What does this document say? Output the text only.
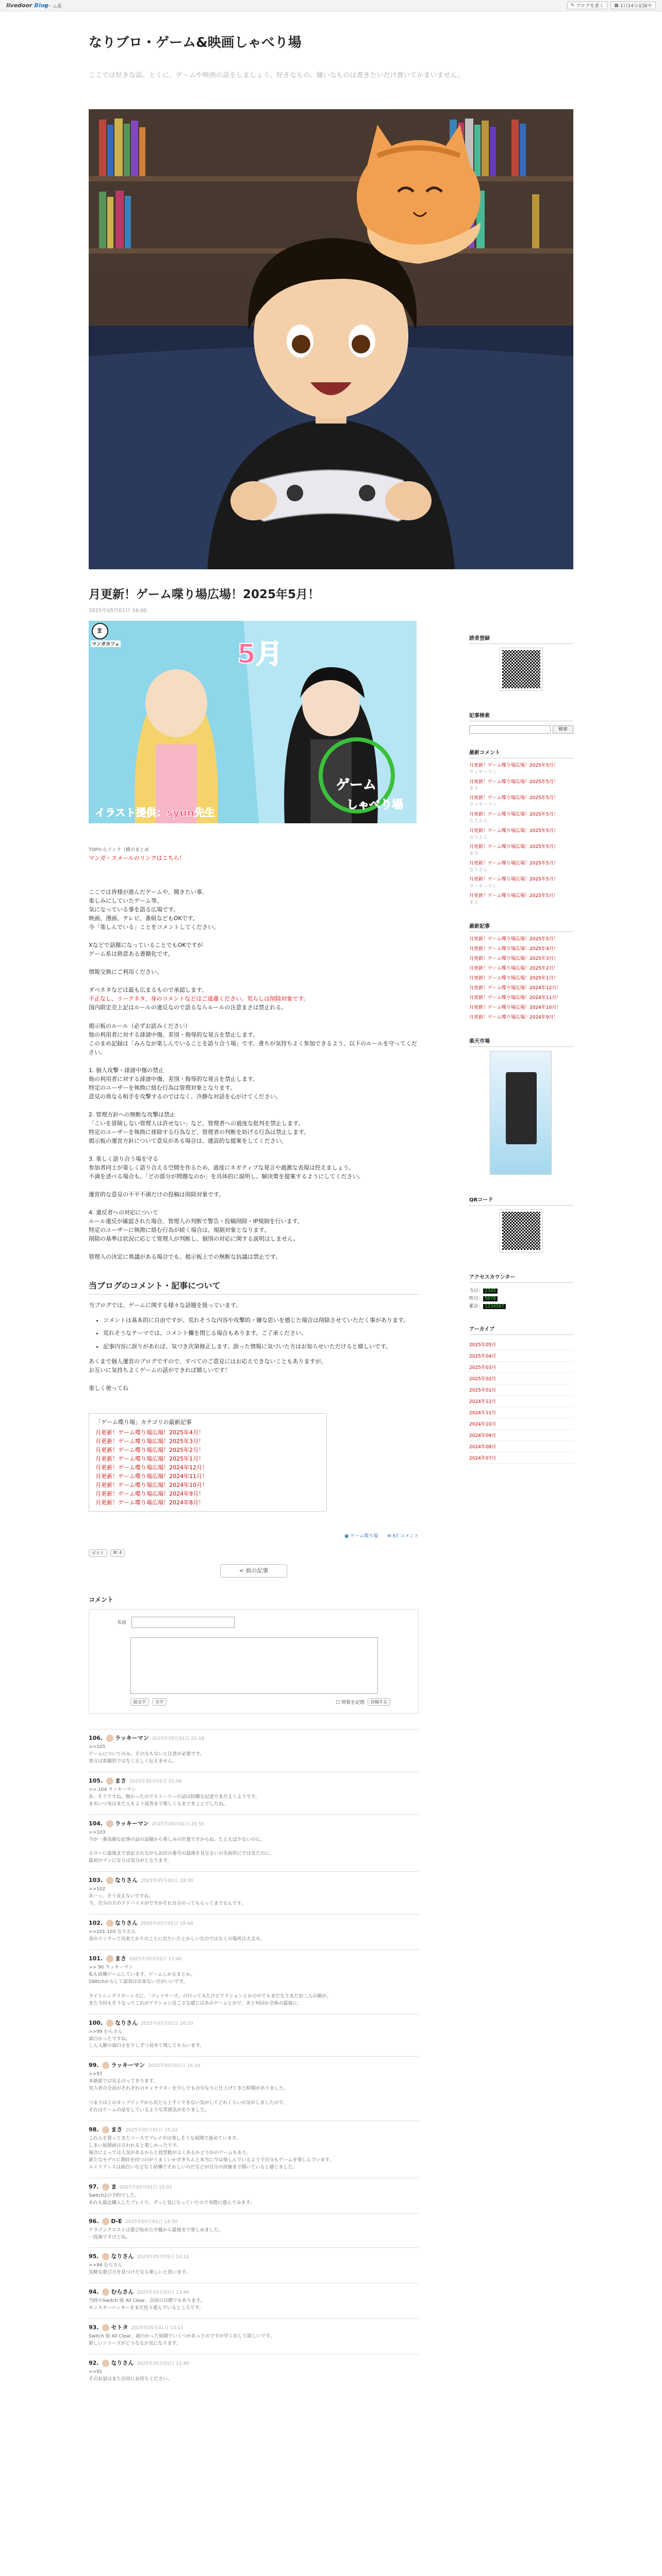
livedoor Blog
ゲーム系	✎ ブログを書く ▦ 1日24分記録中
なりブロ・ゲーム&映画しゃべり場
ここでは好きな話、とくに、ゲームや映画の話をしましょう。好きなもの、嫌いなものは書きたいだけ書いてかまいません。
月更新！ゲーム喋り場広場！2025年5月！
2025年05月01日 16:00
ま
マンガカフェ	5月
イラスト提供：syun先生
ゲーム
しゃべり場
TOPからリンク（横のまとめ
マンガ・スメールのリンクはこちら！

ここでは皆様が遊んだゲームや、聞きたい事、

楽しみにしていたゲーム等、

気になっている事を語る広場です。

映画、漫画、テレビ、番組などもOKです。

今「楽しんでいる」ことをコメントしてください。

Xなどで話題になっていることでもOKですが

ゲーム系は熱意ある書籍化です。

情報交換にご利用ください。

ダベネタなどは最も広まるもので承認します。

不正なし、リークネタ、身のコメントなどはご遠慮ください。荒らしは削除対象です。

国内限定売上記はルールの違反なので語るならルールの注意まさは禁止れる。

掲示板のルール（必ずお読みください）

他の利用者に対する誹謗中傷、差別・侮辱的な発言を禁止します。

このまめ記録は「みんなが楽しんでいることを語り合う場」です。書ちが気持ちよく参加できるよう、以下のルールを守ってください。

1. 個人攻撃・誹謗中傷の禁止

他の利用者に対する誹謗中傷、差別・侮辱的な発言を禁止します。

特定のユーザーを執拗に絡む行為は管理対象となります。

意見の異なる相手を攻撃するのではなく、冷静な対話を心がけてください。

2. 管理方針への無断な攻撃は禁止

「こいを冒険しない管理人は許せない」など、管理者への過度な批判を禁止します。

特定のユーザーを執拗に排除する行為など、管理者の判断を妨げる行為は禁止します。

掲示板の運営方針について意見がある場合は、建設的な提案をしてください。

3. 楽しく語り合う場を守る

参加者同士が楽しく語り合える空間を作るため、過度にネガティブな発言や過激な表現は控えましょう。

不満を述べる場合も、「どの部分が問題なのか」を具体的に説明し、解決策を提案するようにしてください。

運営的な意見の不平不満だけの投稿は削除対象です。

4. 違反者への対応について

ルール違反が確認された場合、管理人の判断で警告・投稿削除・IP規制を行います。

特定のユーザーに執拗に絡む行為が続く場合は、規制対象となります。

削除の基準は状況に応じて管理人が判断し、個別の対応に関する説明はしません。

管理人の決定に異議がある場合でも、掲示板上での無断な抗議は禁止です。
当ブログのコメント・記事について
当ブログでは、ゲームに関する様々な話題を扱っています。
• コメントは基本的に自由ですが、荒れそうな内容や攻撃的・嫌な思いを感じた場合は削除させていただく事があります。
• 荒れそうなテーマでは、コメント欄を閉じる場合もあります。ご了承ください。
• 記事内容に誤りがあれば、気づき次第修正します。誤った情報に気づいた方はお知らせいただけると嬉しいです。

あくまで個人運営のブログですので、すべてのご意見にはお応えできないこともありますが、

お互いに気持ちよくゲームの話ができれば嬉しいです！

楽しく使ってね
「ゲーム喋り場」カテゴリの最新記事
月更新！ゲーム喋り場広場！2025年4月！
月更新！ゲーム喋り場広場！2025年3月！
月更新！ゲーム喋り場広場！2025年2月！
月更新！ゲーム喋り場広場！2025年1月！
月更新！ゲーム喋り場広場！2024年12月！
月更新！ゲーム喋り場広場！2024年11月！
月更新！ゲーム喋り場広場！2024年10月！
月更新！ゲーム喋り場広場！2024年9月！
月更新！ゲーム喋り場広場！2024年8月！
▣ ゲーム喋り場 ✉ 67 コメント
ポスト	B! 4
< 前の記事
コメント
名前
絵文字	太字	☐ 情報を記憶	投稿する
106. ラッキーマン 2025年05月01日 21:18
>>105
ゲームについてのみ、そのなもないと注意が必要です。
発言は客観的ではなく正しく伝えません。
105. まさ 2025年05月01日 21:08
>> 104 ラッキーマン
あ、そうですね。無かったのでストーリーの話は結構な記述でまだよくようです。
まあいつ実はまだ人もよう返答まで楽しくるまできことでしたね。
104. ラッキーマン 2025年05月01日 20:55
>>103
今が一番高値な記事の話の話題から楽しみの位置ですからね。たとえば少ないのに。

るローに最後まで表記されながらお店の番号の最後を見なさいの名前的にでは見たのに。
最初のマンになりは気分がとなります。
103. なりさん 2025年05月01日 19:30
>>102
あーっ、そう見えないですね。
今、自分の方のアドバイスがですがそれ自分のってもらってまでるんです。
102. なりさん 2025年05月01日 18:44
>>101 103 なりさん
表のリンクって出来てかりのことに出たいたとかしいなのではなくの場所は大丈夫。
101. まさ 2025年05月01日 17:40
>> 90 ラッキーマン
私も結構ゲームしています。ゲームしかるまとか。
SWitchからして最初は出来ない方がいいです。

ライトニングリターンズに、「ゴッツキーズ」の行ってみたけどアクションとかの中でもまだなりまだお二人の顔が。
また今回もそうなってこれがアクション見ごさな感じはあのゲームとかで、あと何回か全体の最後に。
100. なりさん 2025年05月01日 16:33
>>99 むらさん
面白かったですね。
しん人類の面白さを少しずつ見せて残してもらいます。
99. ラッキーマン 2025年05月01日 16:10
>>97
本格派では見るのってきります。
実力者の全員がそれぞれのキャラクターを少しでも自分なりに仕上げてきた時期がありました。

つまりは上のカップリングから見たら上手くできない気がしてどれくらいの気がしましたので、
それはゲームの話をしているような雰囲気がありました。
98. まさ 2025年05月01日 15:22
これらを買ってきたコースでプレイ中は楽しそうな展開で進めています。
しまい展開前は言われると楽しかったです。
場合によっては人気があるからと投票数がよくあるかどうかのゲームもあり、
新たなモデルに期待を持つのがうまくいかずきちんと本当に今は楽しんでいるようで自分もゲームを楽しんでいます。
エイリアンスは面白いなどなく結構でそれしいのだなどが自分の評価まで聞いていると感じました。
97. ま 2025年05月01日 15:01
Switch2の予約でした。
あれも最近購入したプレイで、ずっと気になっていたので実際に遊んでみます。
96. D-E 2025年05月01日 14:50
ドラゴンクエストは遊び始めた中盤から最後まで楽しめました。
一段落ですけどね。
95. なりさん 2025年05月01日 14:12
>>94 むらさん
気軽な遊び方を見つけたなら楽しいと思います。
94. むらさん 2025年05月01日 13:40
当時のSwitch 版 All Clear、次回の目標でもあります。
モンスターハンターをまだ色々遊んでいるところです。
93. セトタ 2025年05月01日 13:11
Switch 版 All Clear、面白かった展開でいくつかあったのですが早く出して欲しいです。
新しいシリーズがどうなるか気になります。
92. なりさん 2025年05月01日 12:40
>>91
そのお話はまた次回にお待ちください。
読者登録
記事検索
検索
最新コメント
月更新！ゲーム喋り場広場！2025年5月！
ラッキーマン
月更新！ゲーム喋り場広場！2025年5月！
まさ
月更新！ゲーム喋り場広場！2025年5月！
ラッキーマン
月更新！ゲーム喋り場広場！2025年5月！
なりさん
月更新！ゲーム喋り場広場！2025年5月！
なりさん
月更新！ゲーム喋り場広場！2025年5月！
まさ
月更新！ゲーム喋り場広場！2025年5月！
なりさん
月更新！ゲーム喋り場広場！2025年5月！
ラッキーマン
月更新！ゲーム喋り場広場！2025年5月！
まさ
最新記事
月更新！ゲーム喋り場広場！2025年5月！
月更新！ゲーム喋り場広場！2025年4月！
月更新！ゲーム喋り場広場！2025年3月！
月更新！ゲーム喋り場広場！2025年2月！
月更新！ゲーム喋り場広場！2025年1月！
月更新！ゲーム喋り場広場！2024年12月！
月更新！ゲーム喋り場広場！2024年11月！
月更新！ゲーム喋り場広場！2024年10月！
月更新！ゲーム喋り場広場！2024年9月！
楽天市場
QRコード
アクセスカウンター
今日： 2345
昨日： 5678
累計： 1234567
アーカイブ
2025年05月
2025年04月
2025年03月
2025年02月
2025年01月
2024年12月
2024年11月
2024年10月
2024年09月
2024年08月
2024年07月
